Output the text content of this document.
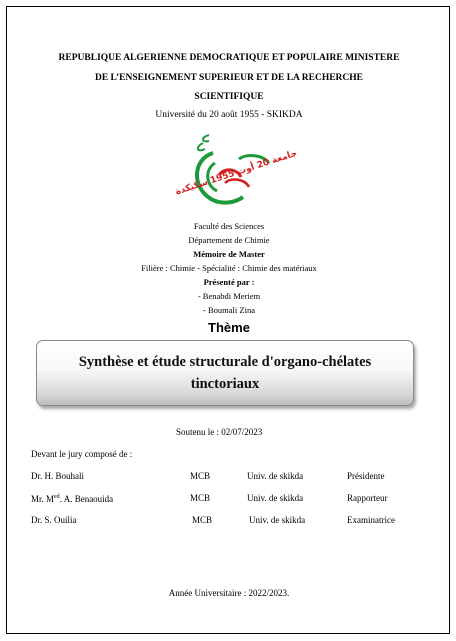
REPUBLIQUE ALGERIENNE DEMOCRATIQUE ET POPULAIRE MINISTERE
DE L’ENSEIGNEMENT SUPERIEUR ET DE LA RECHERCHE
SCIENTIFIQUE
Université du 20 août 1955 - SKIKDA
جامعة 20 أوت 1955 سكيكدة
Faculté des Sciences
Département de Chimie
Mémoire de Master
Filière : Chimie - Spécialité : Chimie des matériaux
Présenté par :
- Benabdi Meriem
- Boumali Zina
Thème
Synthèse et étude structurale d'organo-chélates
tinctoriaux
Soutenu le : 02/07/2023
Devant le jury composé de :
Dr. H. Bouhali	MCB	Univ. de skikda	Présidente
Mr. $M^{ed}$. A. Benaouida	MCB	Univ. de skikda	Rapporteur
Dr. S. Ouilia	MCB	Univ. de skikda	Examinatrice
Année Universitaire : 2022/2023.
